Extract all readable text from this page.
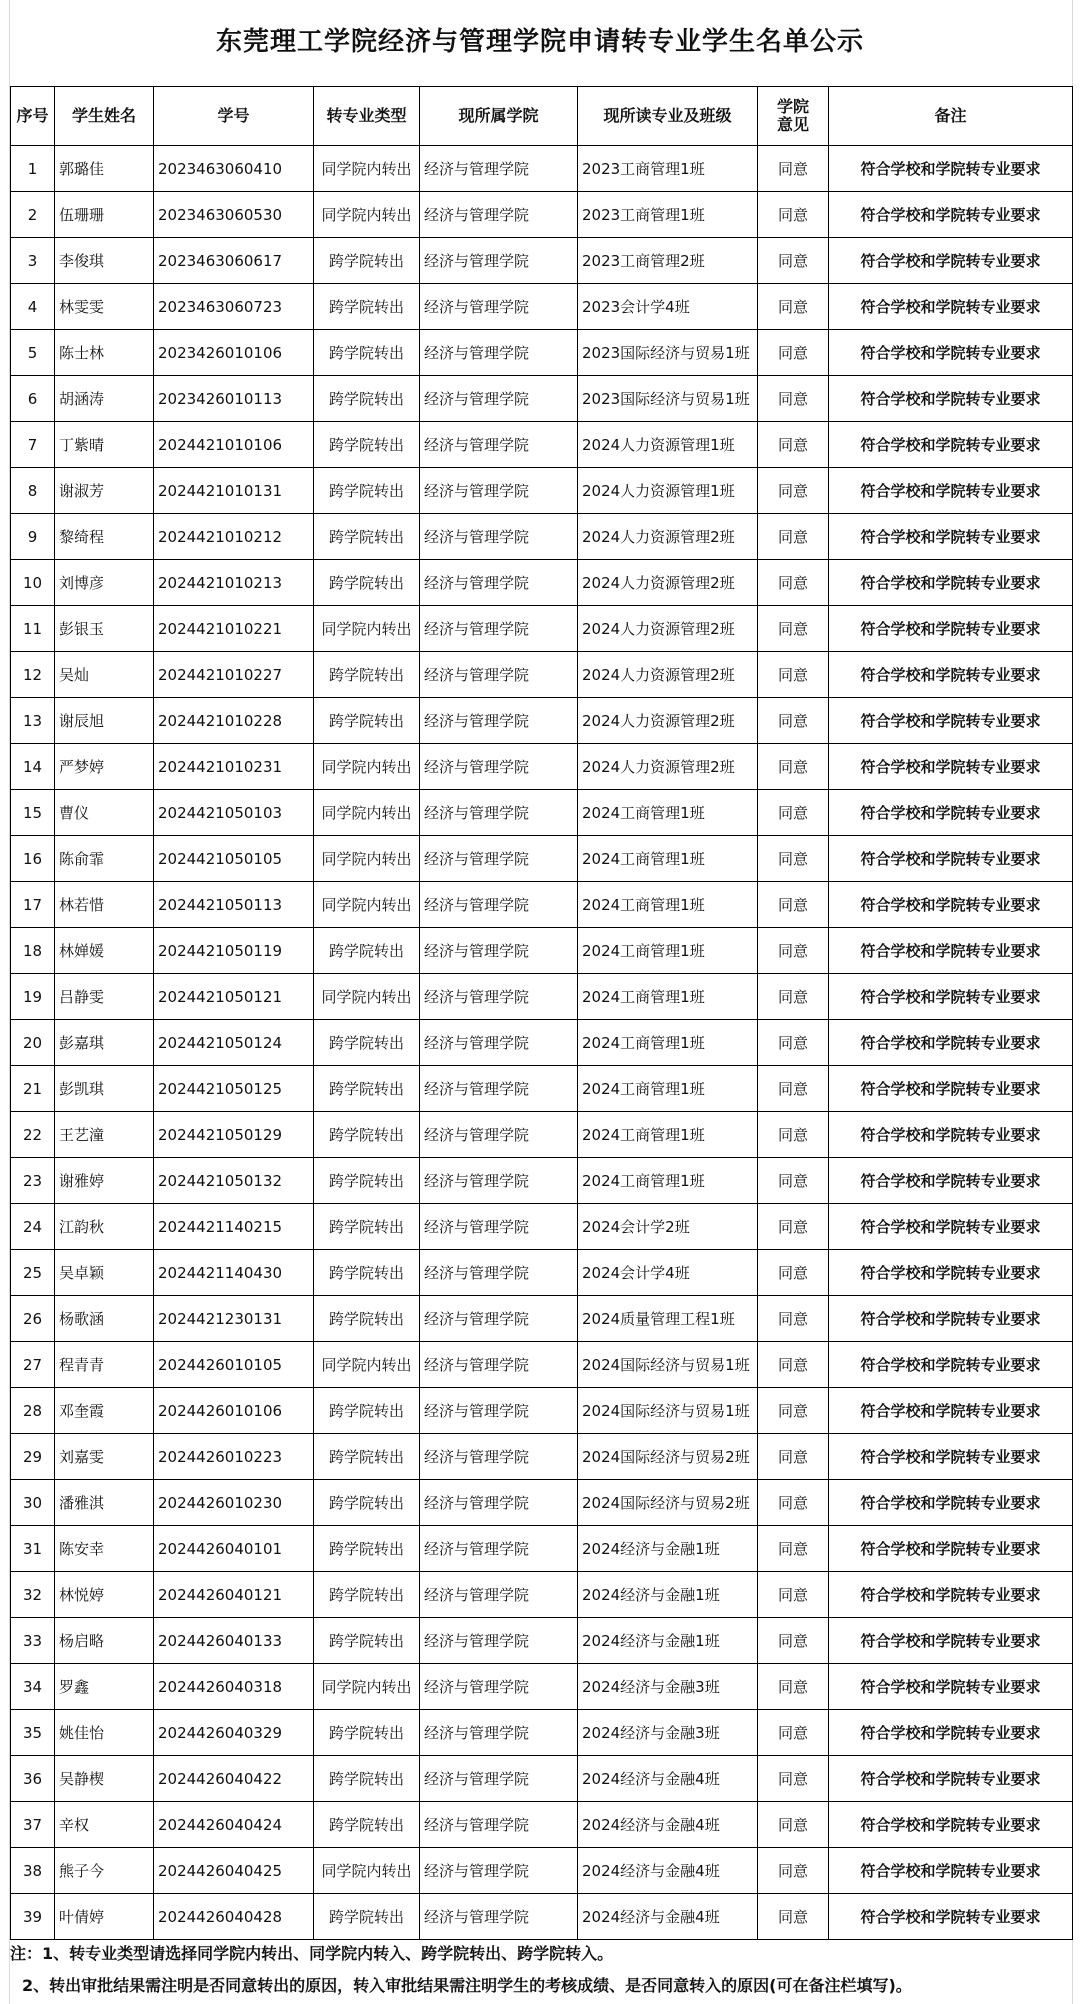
东莞理工学院经济与管理学院申请转专业学生名单公示
序号	学生姓名	学号	转专业类型	现所属学院	现所读专业及班级	学院意见	备注
1	郭璐佳	2023463060410	同学院内转出	经济与管理学院	2023工商管理1班	同意	符合学校和学院转专业要求
2	伍珊珊	2023463060530	同学院内转出	经济与管理学院	2023工商管理1班	同意	符合学校和学院转专业要求
3	李俊琪	2023463060617	跨学院转出	经济与管理学院	2023工商管理2班	同意	符合学校和学院转专业要求
4	林雯雯	2023463060723	跨学院转出	经济与管理学院	2023会计学4班	同意	符合学校和学院转专业要求
5	陈士林	2023426010106	跨学院转出	经济与管理学院	2023国际经济与贸易1班	同意	符合学校和学院转专业要求
6	胡涵涛	2023426010113	跨学院转出	经济与管理学院	2023国际经济与贸易1班	同意	符合学校和学院转专业要求
7	丁紫晴	2024421010106	跨学院转出	经济与管理学院	2024人力资源管理1班	同意	符合学校和学院转专业要求
8	谢淑芳	2024421010131	跨学院转出	经济与管理学院	2024人力资源管理1班	同意	符合学校和学院转专业要求
9	黎绮程	2024421010212	跨学院转出	经济与管理学院	2024人力资源管理2班	同意	符合学校和学院转专业要求
10	刘博彦	2024421010213	跨学院转出	经济与管理学院	2024人力资源管理2班	同意	符合学校和学院转专业要求
11	彭银玉	2024421010221	同学院内转出	经济与管理学院	2024人力资源管理2班	同意	符合学校和学院转专业要求
12	吴灿	2024421010227	跨学院转出	经济与管理学院	2024人力资源管理2班	同意	符合学校和学院转专业要求
13	谢辰旭	2024421010228	跨学院转出	经济与管理学院	2024人力资源管理2班	同意	符合学校和学院转专业要求
14	严梦婷	2024421010231	同学院内转出	经济与管理学院	2024人力资源管理2班	同意	符合学校和学院转专业要求
15	曹仪	2024421050103	同学院内转出	经济与管理学院	2024工商管理1班	同意	符合学校和学院转专业要求
16	陈俞霏	2024421050105	同学院内转出	经济与管理学院	2024工商管理1班	同意	符合学校和学院转专业要求
17	林若惜	2024421050113	同学院内转出	经济与管理学院	2024工商管理1班	同意	符合学校和学院转专业要求
18	林婵媛	2024421050119	跨学院转出	经济与管理学院	2024工商管理1班	同意	符合学校和学院转专业要求
19	吕静雯	2024421050121	同学院内转出	经济与管理学院	2024工商管理1班	同意	符合学校和学院转专业要求
20	彭嘉琪	2024421050124	跨学院转出	经济与管理学院	2024工商管理1班	同意	符合学校和学院转专业要求
21	彭凯琪	2024421050125	跨学院转出	经济与管理学院	2024工商管理1班	同意	符合学校和学院转专业要求
22	王艺潼	2024421050129	跨学院转出	经济与管理学院	2024工商管理1班	同意	符合学校和学院转专业要求
23	谢雅婷	2024421050132	跨学院转出	经济与管理学院	2024工商管理1班	同意	符合学校和学院转专业要求
24	江韵秋	2024421140215	跨学院转出	经济与管理学院	2024会计学2班	同意	符合学校和学院转专业要求
25	吴卓颖	2024421140430	跨学院转出	经济与管理学院	2024会计学4班	同意	符合学校和学院转专业要求
26	杨歌涵	2024421230131	跨学院转出	经济与管理学院	2024质量管理工程1班	同意	符合学校和学院转专业要求
27	程青青	2024426010105	同学院内转出	经济与管理学院	2024国际经济与贸易1班	同意	符合学校和学院转专业要求
28	邓奎霞	2024426010106	跨学院转出	经济与管理学院	2024国际经济与贸易1班	同意	符合学校和学院转专业要求
29	刘嘉雯	2024426010223	跨学院转出	经济与管理学院	2024国际经济与贸易2班	同意	符合学校和学院转专业要求
30	潘雅淇	2024426010230	跨学院转出	经济与管理学院	2024国际经济与贸易2班	同意	符合学校和学院转专业要求
31	陈安幸	2024426040101	跨学院转出	经济与管理学院	2024经济与金融1班	同意	符合学校和学院转专业要求
32	林悦婷	2024426040121	跨学院转出	经济与管理学院	2024经济与金融1班	同意	符合学校和学院转专业要求
33	杨启略	2024426040133	跨学院转出	经济与管理学院	2024经济与金融1班	同意	符合学校和学院转专业要求
34	罗鑫	2024426040318	同学院内转出	经济与管理学院	2024经济与金融3班	同意	符合学校和学院转专业要求
35	姚佳怡	2024426040329	跨学院转出	经济与管理学院	2024经济与金融3班	同意	符合学校和学院转专业要求
36	吴静楔	2024426040422	跨学院转出	经济与管理学院	2024经济与金融4班	同意	符合学校和学院转专业要求
37	辛权	2024426040424	跨学院转出	经济与管理学院	2024经济与金融4班	同意	符合学校和学院转专业要求
38	熊子今	2024426040425	同学院内转出	经济与管理学院	2024经济与金融4班	同意	符合学校和学院转专业要求
39	叶倩婷	2024426040428	跨学院转出	经济与管理学院	2024经济与金融4班	同意	符合学校和学院转专业要求
注：1、转专业类型请选择同学院内转出、同学院内转入、跨学院转出、跨学院转入。
2、转出审批结果需注明是否同意转出的原因，转入审批结果需注明学生的考核成绩、是否同意转入的原因(可在备注栏填写)。
